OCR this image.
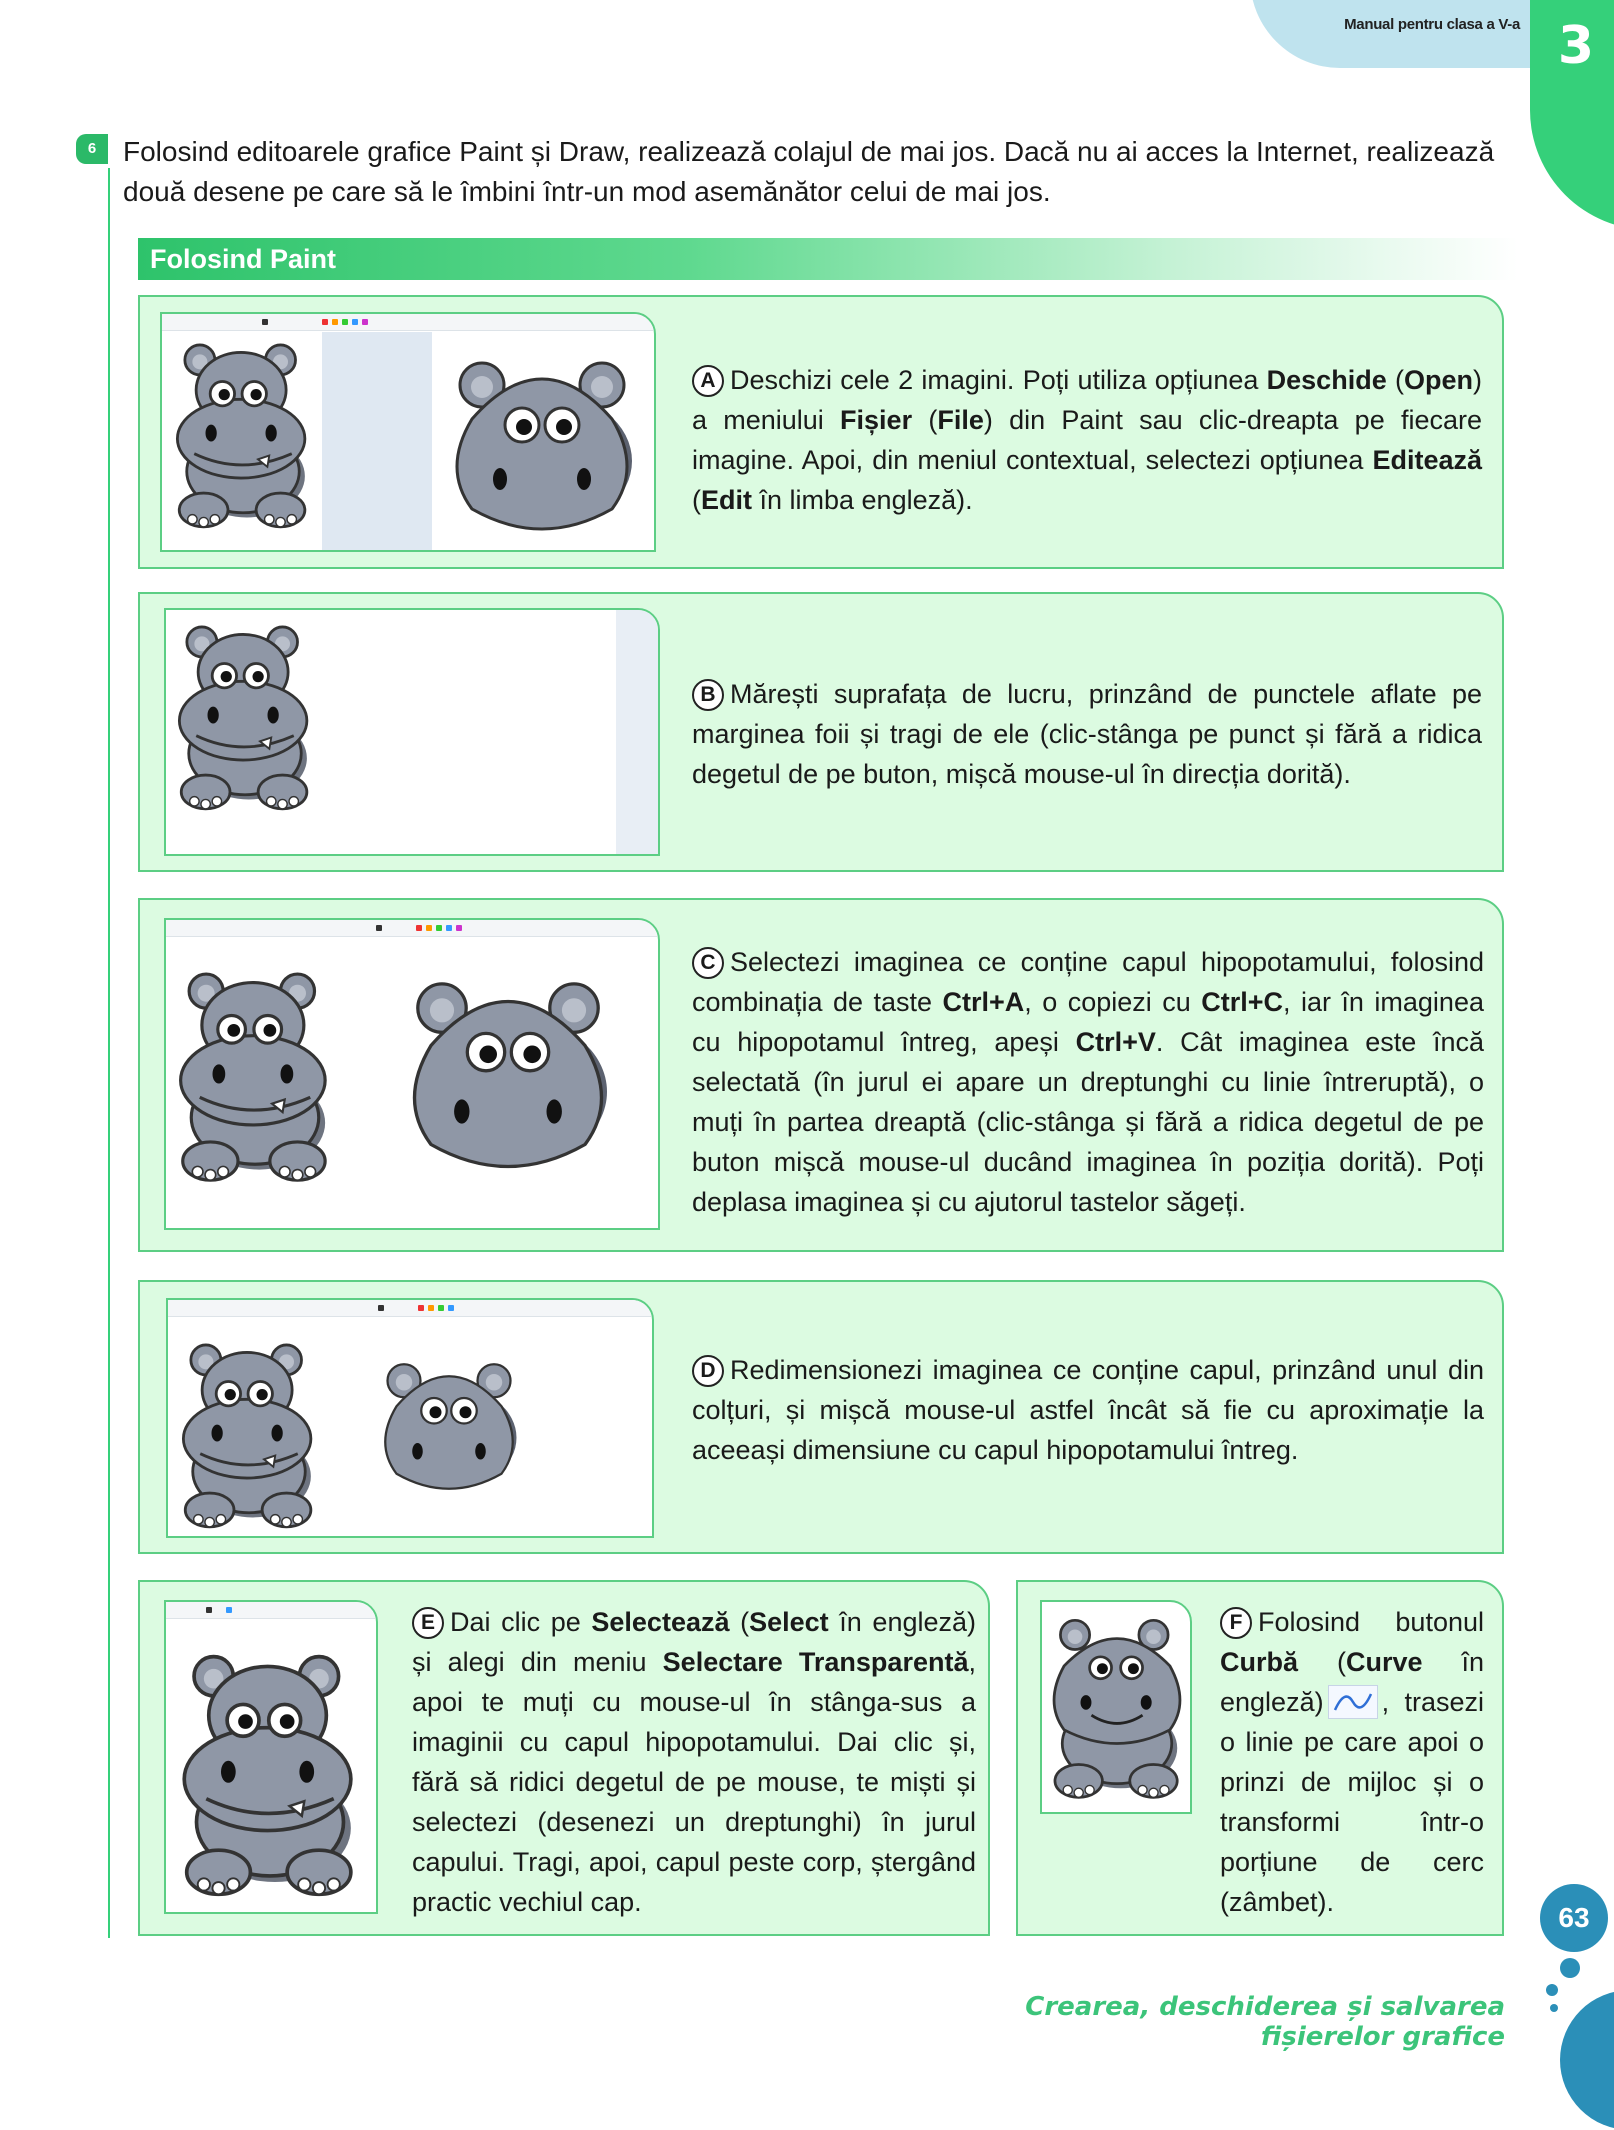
Manual pentru clasa a V-a 3
6 Folosind editoarele grafice Paint și Draw, realizează colajul de mai jos. Dacă nu ai acces la Internet, realizează două desene pe care să le îmbini într-un mod asemănător celui de mai jos.
Folosind Paint
A Deschizi cele 2 imagini. Poți utiliza opțiunea Deschide (Open) a meniului Fișier (File) din Paint sau clic-dreapta pe fiecare imagine. Apoi, din meniul contextual, selectezi opțiunea Editează (Edit în limba engleză).
B Mărești suprafața de lucru, prinzând de punctele aflate pe marginea foii și tragi de ele (clic-stânga pe punct și fără a ridica degetul de pe buton, mișcă mouse-ul în direcția dorită).
C Selectezi imaginea ce conține capul hipopotamului, folosind combinația de taste Ctrl+A, o copiezi cu Ctrl+C, iar în imaginea cu hipopotamul întreg, apeși Ctrl+V. Cât imaginea este încă selectată (în jurul ei apare un dreptunghi cu linie întreruptă), o muți în partea dreaptă (clic-stânga și fără a ridica degetul de pe buton mișcă mouse-ul ducând imaginea în poziția dorită). Poți deplasa imaginea și cu ajutorul tastelor săgeți.
D Redimensionezi imaginea ce conține capul, prinzând unul din colțuri, și mișcă mouse-ul astfel încât să fie cu aproximație la aceeași dimensiune cu capul hipopotamului întreg.
E Dai clic pe Selectează (Select în engleză) și alegi din meniu Selectare Transparentă, apoi te muți cu mouse-ul în stânga-sus a imaginii cu capul hipopotamului. Dai clic și, fără să ridici degetul de pe mouse, te miști și selectezi (desenezi un dreptunghi) în jurul capului. Tragi, apoi, capul peste corp, ștergând practic vechiul cap.
F Folosind butonul Curbă (Curve în engleză) , trasezi o linie pe care apoi o prinzi de mijloc și o transformi într-o porțiune de cerc (zâmbet).
Crearea, deschiderea și salvarea fișierelor grafice
63
